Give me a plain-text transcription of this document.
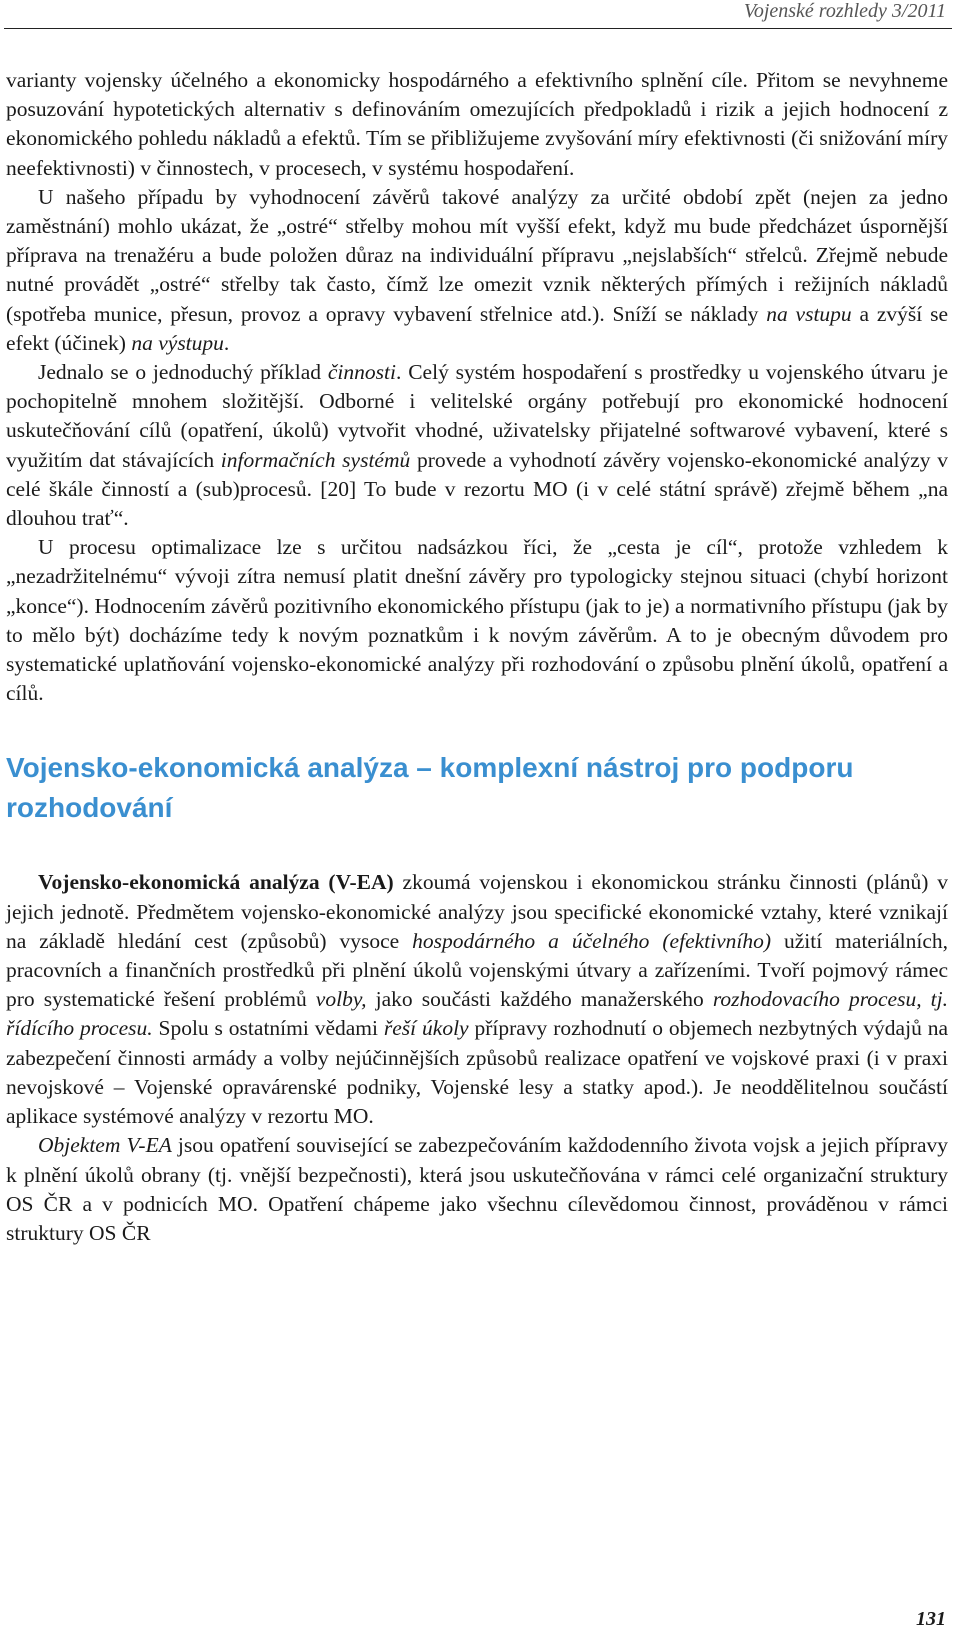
Vojenské rozhledy 3/2011

varianty vojensky účelného a ekonomicky hospodárného a efektivního splnění cíle. Přitom se nevyhneme posuzování hypotetických alternativ s definováním omezujících předpokladů i rizik a jejich hodnocení z ekonomického pohledu nákladů a efektů. Tím se přibližujeme zvyšování míry efektivnosti (či snižování míry neefektivnosti) v činnostech, v procesech, v systému hospodaření.

U našeho případu by vyhodnocení závěrů takové analýzy za určité období zpět (nejen za jedno zaměstnání) mohlo ukázat, že „ostré“ střelby mohou mít vyšší efekt, když mu bude předcházet úspornější příprava na trenažéru a bude položen důraz na individuální přípravu „nejslabších“ střelců. Zřejmě nebude nutné provádět „ostré“ střelby tak často, čímž lze omezit vznik některých přímých i režijních nákladů (spotřeba munice, přesun, provoz a opravy vybavení střelnice atd.). Sníží se náklady na vstupu a zvýší se efekt (účinek) na výstupu.

Jednalo se o jednoduchý příklad činnosti. Celý systém hospodaření s prostředky u vojenského útvaru je pochopitelně mnohem složitější. Odborné i velitelské orgány potřebují pro ekonomické hodnocení uskutečňování cílů (opatření, úkolů) vytvořit vhodné, uživatelsky přijatelné softwarové vybavení, které s využitím dat stávajících informačních systémů provede a vyhodnotí závěry vojensko-ekonomické analýzy v celé škále činností a (sub)procesů. [20] To bude v rezortu MO (i v celé státní správě) zřejmě během „na dlouhou trať“.

U procesu optimalizace lze s určitou nadsázkou říci, že „cesta je cíl“, protože vzhledem k „nezadržitelnému“ vývoji zítra nemusí platit dnešní závěry pro typologicky stejnou situaci (chybí horizont „konce“). Hodnocením závěrů pozitivního ekonomického přístupu (jak to je) a normativního přístupu (jak by to mělo být) docházíme tedy k novým poznatkům i k novým závěrům. A to je obecným důvodem pro systematické uplatňování vojensko-ekonomické analýzy při rozhodování o způsobu plnění úkolů, opatření a cílů.

Vojensko-ekonomická analýza – komplexní nástroj pro podporu rozhodování

Vojensko-ekonomická analýza (V-EA) zkoumá vojenskou i ekonomickou stránku činnosti (plánů) v jejich jednotě. Předmětem vojensko-ekonomické analýzy jsou specifické ekonomické vztahy, které vznikají na základě hledání cest (způsobů) vysoce hospodárného a účelného (efektivního) užití materiálních, pracovních a finančních prostředků při plnění úkolů vojenskými útvary a zařízeními. Tvoří pojmový rámec pro systematické řešení problémů volby, jako součásti každého manažerského rozhodovacího procesu, tj. řídícího procesu. Spolu s ostatními vědami řeší úkoly přípravy rozhodnutí o objemech nezbytných výdajů na zabezpečení činnosti armády a volby nejúčinnějších způsobů realizace opatření ve vojskové praxi (i v praxi nevojskové – Vojenské opravárenské podniky, Vojenské lesy a statky apod.). Je neoddělitelnou součástí aplikace systémové analýzy v rezortu MO.

Objektem V-EA jsou opatření související se zabezpečováním každodenního života vojsk a jejich přípravy k plnění úkolů obrany (tj. vnější bezpečnosti), která jsou uskutečňována v rámci celé organizační struktury OS ČR a v podnicích MO. Opatření chápeme jako všechnu cílevědomou činnost, prováděnou v rámci struktury OS ČR

131
